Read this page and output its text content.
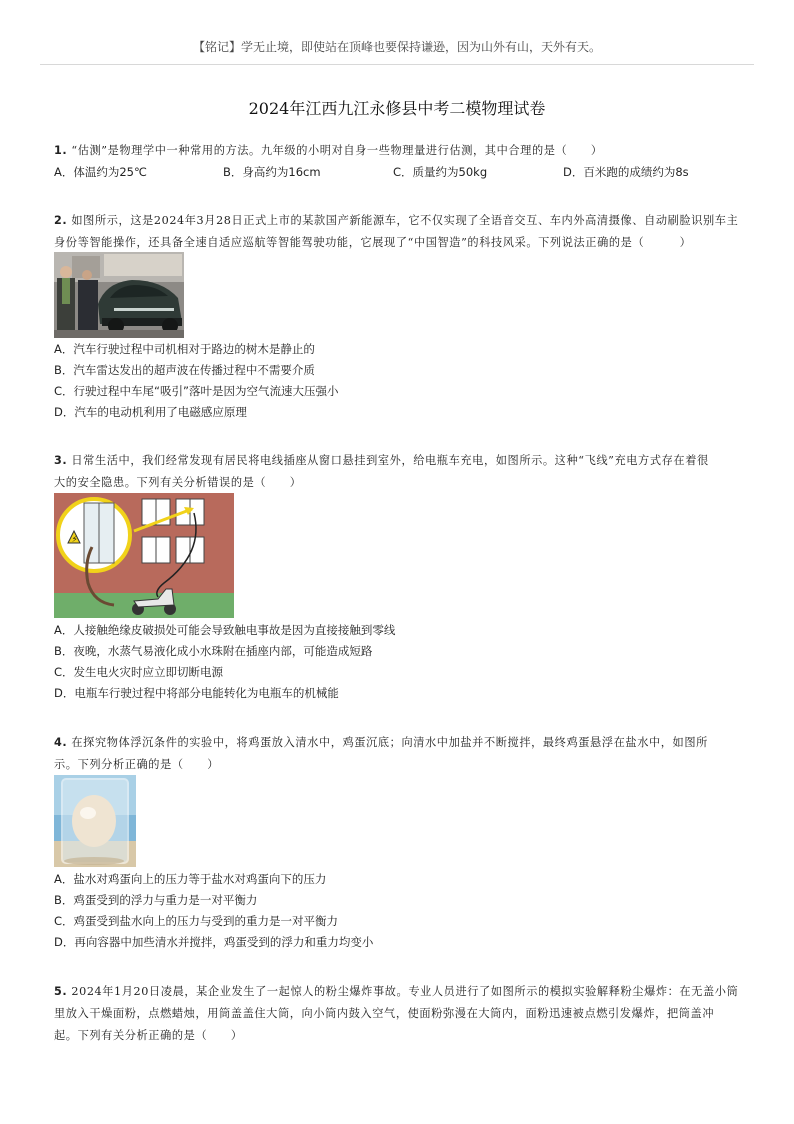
【铭记】学无止境，即使站在顶峰也要保持谦逊，因为山外有山，天外有天。
2024年江西九江永修县中考二模物理试卷
1. “估测”是物理学中一种常用的方法。九年级的小明对自身一些物理量进行估测，其中合理的是（　　）
A．体温约为25℃	B．身高约为16cm	C．质量约为50kg	D．百米跑的成绩约为8s
2. 如图所示，这是2024年3月28日正式上市的某款国产新能源车，它不仅实现了全语音交互、车内外高清摄像、自动刷脸识别车主
身份等智能操作，还具备全速自适应巡航等智能驾驶功能，它展现了“中国智造”的科技风采。下列说法正确的是（　　　）
A．汽车行驶过程中司机相对于路边的树木是静止的
B．汽车雷达发出的超声波在传播过程中不需要介质
C．行驶过程中车尾“吸引”落叶是因为空气流速大压强小
D．汽车的电动机利用了电磁感应原理
3. 日常生活中，我们经常发现有居民将电线插座从窗口悬挂到室外，给电瓶车充电，如图所示。这种“飞线”充电方式存在着很
大的安全隐患。下列有关分析错误的是（　　）
⚡
A．人接触绝缘皮破损处可能会导致触电事故是因为直接接触到零线
B．夜晚，水蒸气易液化成小水珠附在插座内部，可能造成短路
C．发生电火灾时应立即切断电源
D．电瓶车行驶过程中将部分电能转化为电瓶车的机械能
4. 在探究物体浮沉条件的实验中，将鸡蛋放入清水中，鸡蛋沉底；向清水中加盐并不断搅拌，最终鸡蛋悬浮在盐水中，如图所
示。下列分析正确的是（　　）
A．盐水对鸡蛋向上的压力等于盐水对鸡蛋向下的压力
B．鸡蛋受到的浮力与重力是一对平衡力
C．鸡蛋受到盐水向上的压力与受到的重力是一对平衡力
D．再向容器中加些清水并搅拌，鸡蛋受到的浮力和重力均变小
5. 2024年1月20日凌晨，某企业发生了一起惊人的粉尘爆炸事故。专业人员进行了如图所示的模拟实验解释粉尘爆炸：在无盖小筒
里放入干燥面粉，点燃蜡烛，用筒盖盖住大筒，向小筒内鼓入空气，使面粉弥漫在大筒内，面粉迅速被点燃引发爆炸，把筒盖冲
起。下列有关分析正确的是（　　）
